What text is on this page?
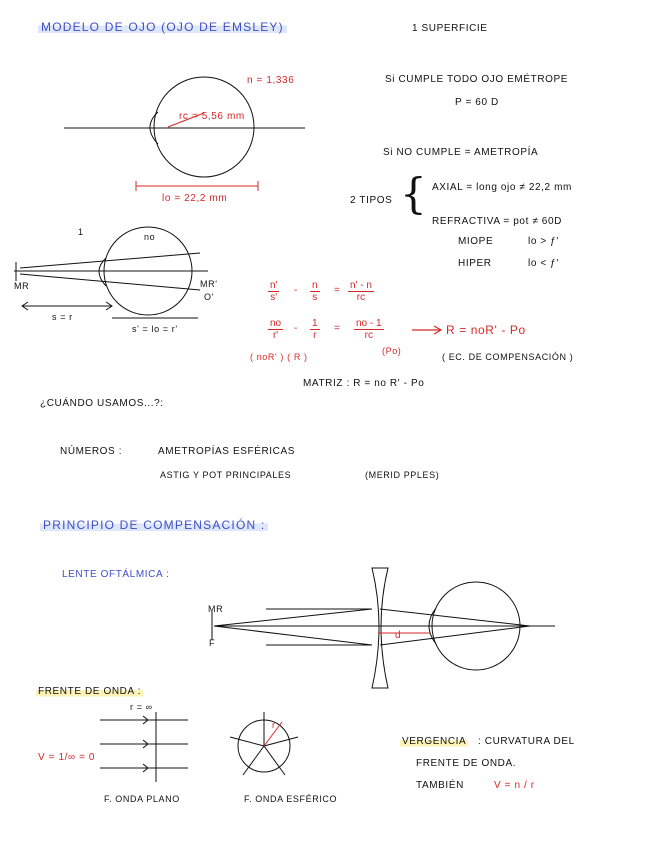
MODELO DE OJO (OJO DE EMSLEY)	1 SUPERFICIE
n = 1,336
rc = 5,56 mm
lo = 22,2 mm
Si CUMPLE TODO OJO EMÉTROPE
P = 60 D
Si NO CUMPLE = AMETROPÍA
2 TIPOS { AXIAL = long ojo ≠ 22,2 mm
REFRACTIVA = pot ≠ 60D
MIOPE	lo > ƒ'
HIPER	lo < ƒ'
1	no
MR	MR'
O'
s = r
s' = lo = r'
$\frac{n'}{s'} - \frac{n}{s} = \frac{n' - n}{rc}$
$\frac{no}{r'} - \frac{1}{r} = \frac{no - 1}{rc}$	R = noR' - Po
( noR' ) ( R )
(Po)
( EC. DE COMPENSACIÓN )
MATRIZ : R = no R' - Po
¿CUÁNDO USAMOS...?:
NÚMEROS :	AMETROPÍAS ESFÉRICAS
ASTIG Y POT PRINCIPALES	(MERID PPLES)
PRINCIPIO DE COMPENSACIÓN :
LENTE OFTÁLMICA :
MR
F
d
FRENTE DE ONDA :
r = ∞
V = 1/∞ = 0
F. ONDA PLANO
r
F. ONDA ESFÉRICO
VERGENCIA : CURVATURA DEL
FRENTE DE ONDA.
TAMBIÉN	V = n / r
